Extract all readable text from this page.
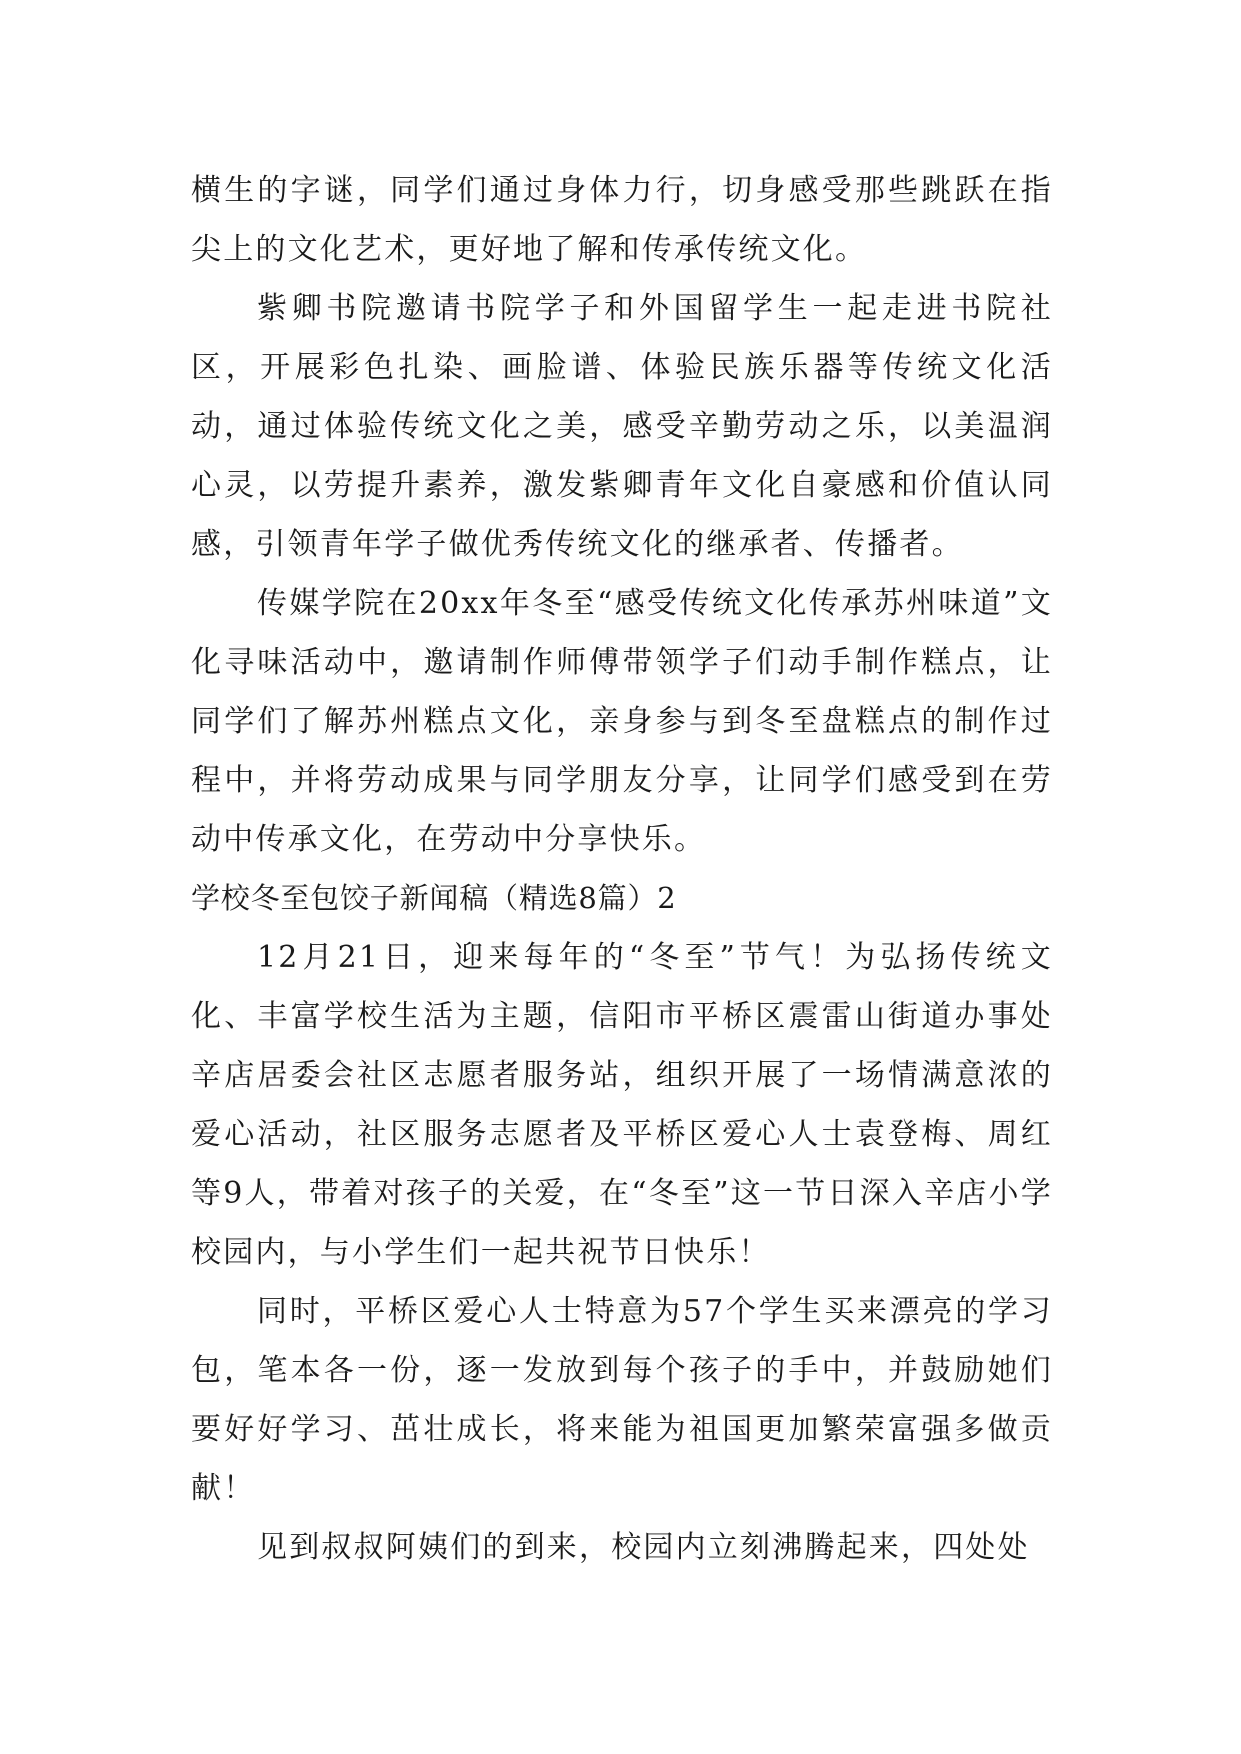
横生的字谜，同学们通过身体力行，切身感受那些跳跃在指尖上的文化艺术，更好地了解和传承传统文化。

紫卿书院邀请书院学子和外国留学生一起走进书院社区，开展彩色扎染、画脸谱、体验民族乐器等传统文化活动，通过体验传统文化之美，感受辛勤劳动之乐，以美温润心灵，以劳提升素养，激发紫卿青年文化自豪感和价值认同感，引领青年学子做优秀传统文化的继承者、传播者。

传媒学院在20xx年冬至“感受传统文化传承苏州味道”文化寻味活动中，邀请制作师傅带领学子们动手制作糕点，让同学们了解苏州糕点文化，亲身参与到冬至盘糕点的制作过程中，并将劳动成果与同学朋友分享，让同学们感受到在劳动中传承文化，在劳动中分享快乐。

学校冬至包饺子新闻稿（精选8篇）2

12月21日，迎来每年的“冬至”节气！为弘扬传统文化、丰富学校生活为主题，信阳市平桥区震雷山街道办事处辛店居委会社区志愿者服务站，组织开展了一场情满意浓的爱心活动，社区服务志愿者及平桥区爱心人士袁登梅、周红等9人，带着对孩子的关爱，在“冬至”这一节日深入辛店小学校园内，与小学生们一起共祝节日快乐！

同时，平桥区爱心人士特意为57个学生买来漂亮的学习包，笔本各一份，逐一发放到每个孩子的手中，并鼓励她们要好好学习、茁壮成长，将来能为祖国更加繁荣富强多做贡献！

见到叔叔阿姨们的到来，校园内立刻沸腾起来，四处处
